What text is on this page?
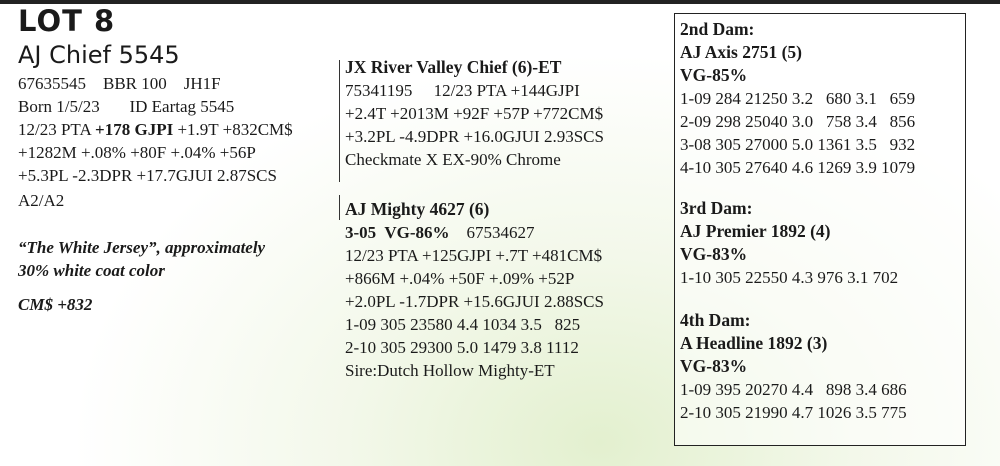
LOT 8
AJ Chief 5545
67635545    BBR 100    JH1F
Born 1/5/23       ID Eartag 5545
12/23 PTA +178 GJPI +1.9T +832CM$
+1282M +.08% +80F +.04% +56P
+5.3PL -2.3DPR +17.7GJUI 2.87SCS
A2/A2
“The White Jersey”, approximately
30% white coat color
CM$ +832
JX River Valley Chief (6)-ET
75341195     12/23 PTA +144GJPI
+2.4T +2013M +92F +57P +772CM$
+3.2PL -4.9DPR +16.0GJUI 2.93SCS
Checkmate X EX-90% Chrome
AJ Mighty 4627 (6)
3-05  VG-86% 67534627
12/23 PTA +125GJPI +.7T +481CM$
+866M +.04% +50F +.09% +52P
+2.0PL -1.7DPR +15.6GJUI 2.88SCS
1-09 305 23580 4.4 1034 3.5   825
2-10 305 29300 5.0 1479 3.8 1112
Sire:Dutch Hollow Mighty-ET
2nd Dam:
AJ Axis 2751 (5)
VG-85%
1-09 284 21250 3.2   680 3.1   659
2-09 298 25040 3.0   758 3.4   856
3-08 305 27000 5.0 1361 3.5   932
4-10 305 27640 4.6 1269 3.9 1079
3rd Dam:
AJ Premier 1892 (4)
VG-83%
1-10 305 22550 4.3 976 3.1 702
4th Dam:
A Headline 1892 (3)
VG-83%
1-09 395 20270 4.4   898 3.4 686
2-10 305 21990 4.7 1026 3.5 775
